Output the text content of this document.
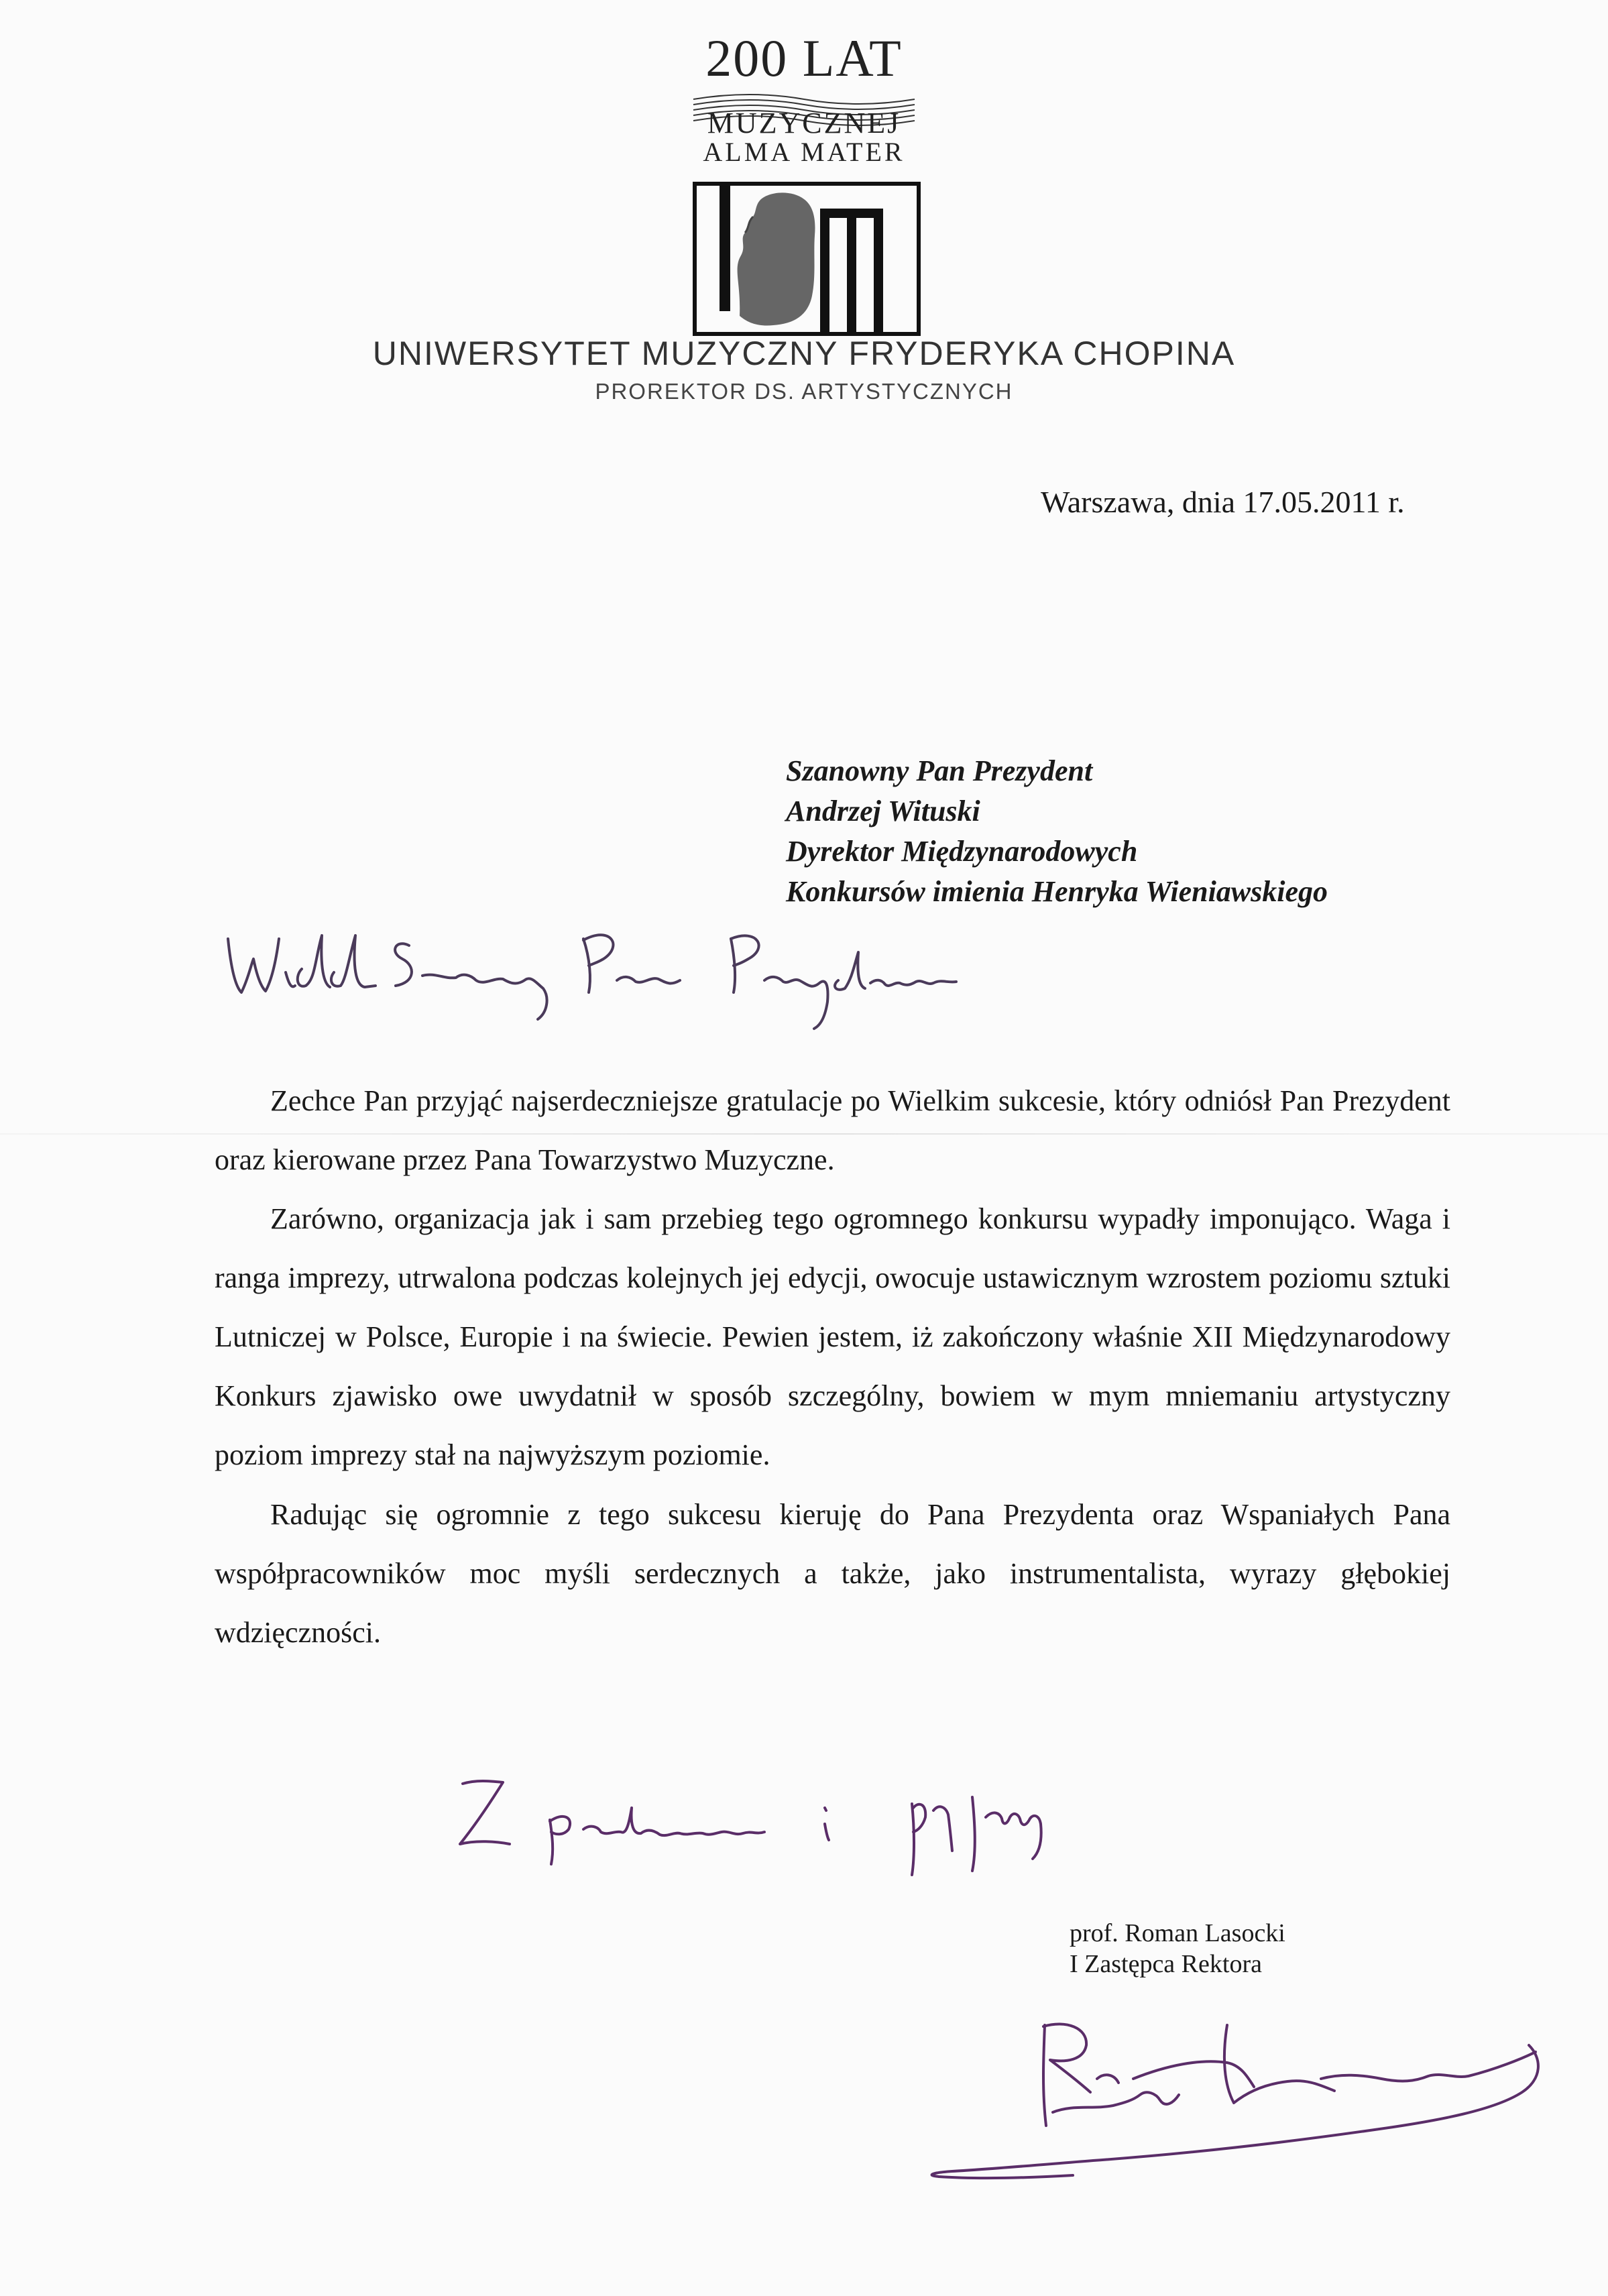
200 LAT
MUZYCZNEJ
ALMA MATER
UNIWERSYTET MUZYCZNY FRYDERYKA CHOPINA
PROREKTOR DS. ARTYSTYCZNYCH
Warszawa, dnia 17.05.2011 r.
Szanowny Pan Prezydent
Andrzej Wituski
Dyrektor Międzynarodowych
Konkursów imienia Henryka Wieniawskiego
Zechce Pan przyjąć najserdeczniejsze gratulacje po Wielkim sukcesie, który odniósł Pan Prezydent oraz kierowane przez Pana Towarzystwo Muzyczne.
Zarówno, organizacja jak i sam przebieg tego ogromnego konkursu wypadły imponująco. Waga i ranga imprezy, utrwalona podczas kolejnych jej edycji, owocuje ustawicznym wzrostem poziomu sztuki Lutniczej w Polsce, Europie i na świecie. Pewien jestem, iż zakończony właśnie XII Międzynarodowy Konkurs zjawisko owe uwydatnił w sposób szczególny, bowiem w mym mniemaniu artystyczny poziom imprezy stał na najwyższym poziomie.
Radując się ogromnie z tego sukcesu kieruję do Pana Prezydenta oraz Wspaniałych Pana współpracowników moc myśli serdecznych a także, jako instrumentalista, wyrazy głębokiej wdzięczności.
prof. Roman Lasocki
I Zastępca Rektora
